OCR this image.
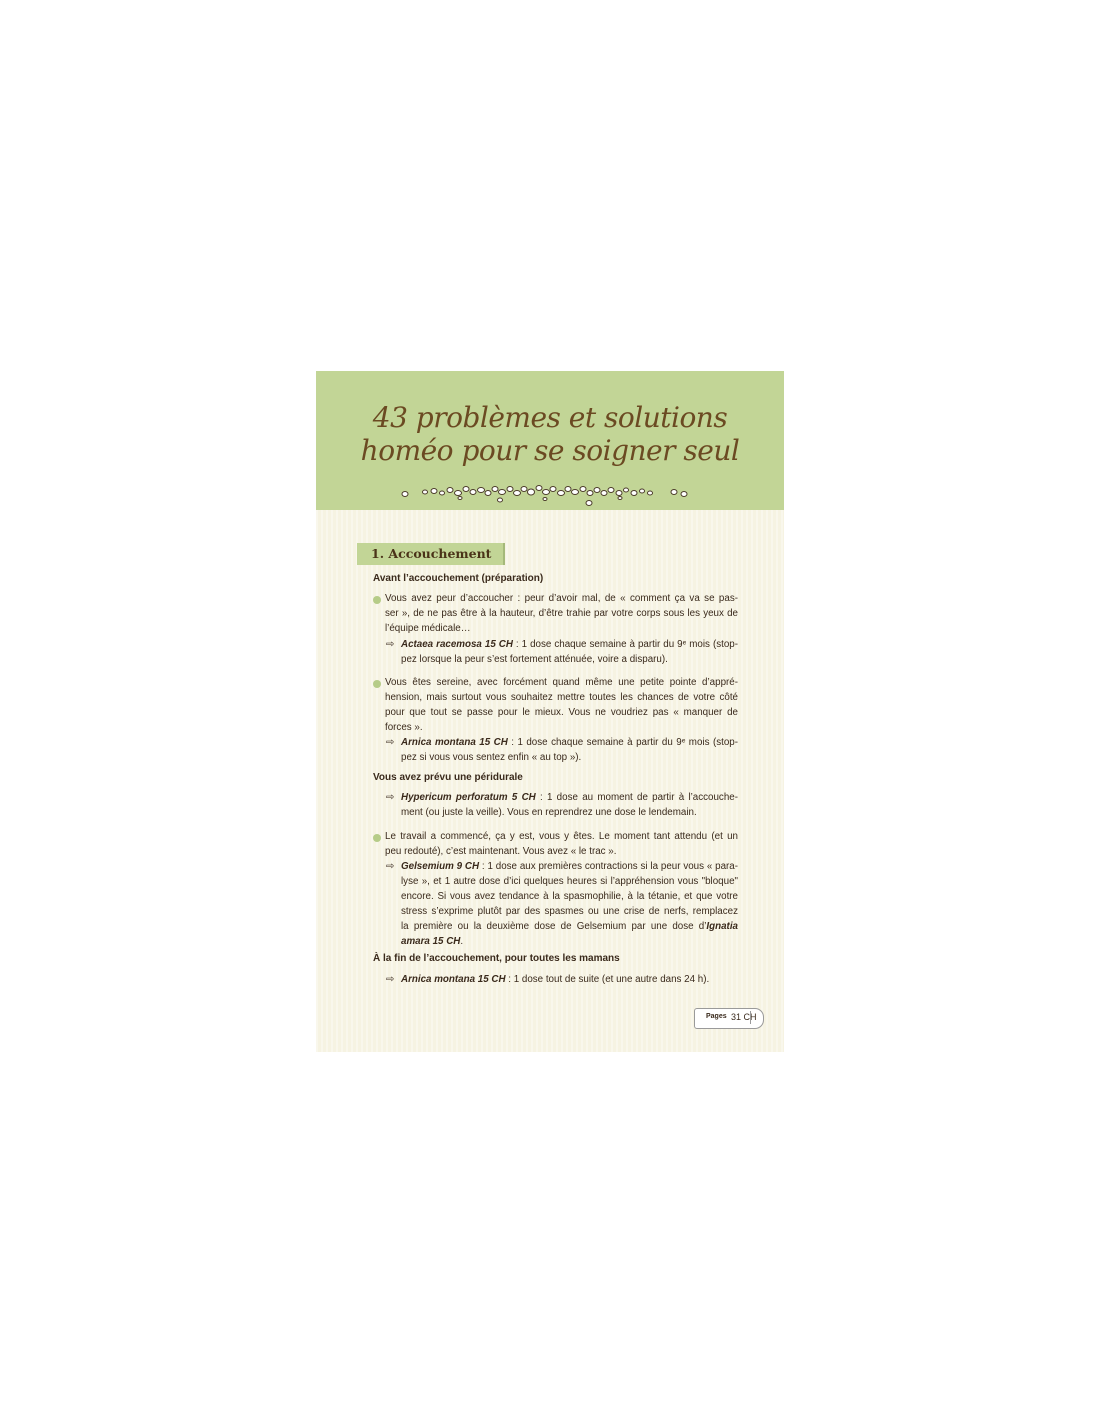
43 problèmes et solutions
homéo pour se soigner seul
1. Accouchement
Avant l’accouchement (préparation)
Vous avez peur d’accoucher : peur d’avoir mal, de « comment ça va se pas-
ser », de ne pas être à la hauteur, d’être trahie par votre corps sous les yeux de
l’équipe médicale…
⇨ Actaea racemosa 15 CH : 1 dose chaque semaine à partir du 9ᵉ mois (stop-
pez lorsque la peur s’est fortement atténuée, voire a disparu).
Vous êtes sereine, avec forcément quand même une petite pointe d’appré-
hension, mais surtout vous souhaitez mettre toutes les chances de votre côté
pour que tout se passe pour le mieux. Vous ne voudriez pas « manquer de
forces ».
⇨ Arnica montana 15 CH : 1 dose chaque semaine à partir du 9ᵉ mois (stop-
pez si vous vous sentez enfin « au top »).
Vous avez prévu une péridurale
⇨ Hypericum perforatum 5 CH : 1 dose au moment de partir à l’accouche-
ment (ou juste la veille). Vous en reprendrez une dose le lendemain.
Le travail a commencé, ça y est, vous y êtes. Le moment tant attendu (et un
peu redouté), c’est maintenant. Vous avez « le trac ».
⇨ Gelsemium 9 CH : 1 dose aux premières contractions si la peur vous « para-
lyse », et 1 autre dose d’ici quelques heures si l’appréhension vous "bloque"
encore. Si vous avez tendance à la spasmophilie, à la tétanie, et que votre
stress s’exprime plutôt par des spasmes ou une crise de nerfs, remplacez
la première ou la deuxième dose de Gelsemium par une dose d’Ignatia
amara 15 CH.
À la fin de l’accouchement, pour toutes les mamans
⇨ Arnica montana 15 CH : 1 dose tout de suite (et une autre dans 24 h).
Pages 31 CH
